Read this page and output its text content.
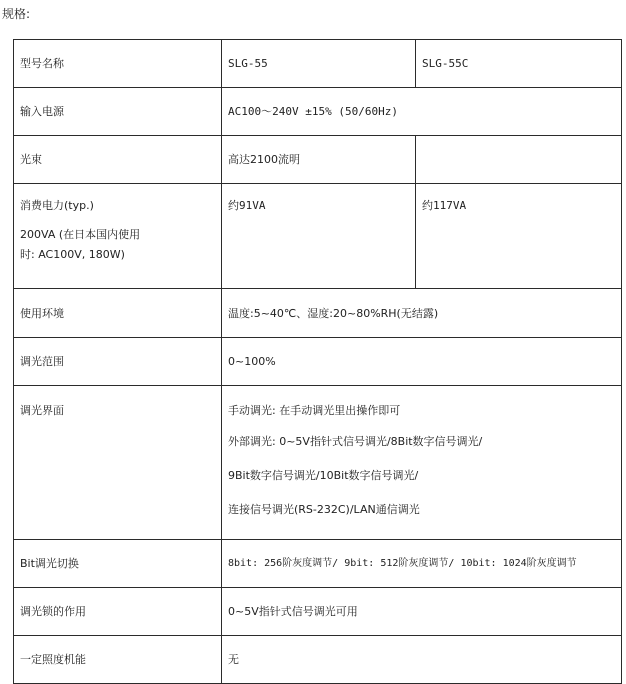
规格:
型号名称	SLG-55	SLG-55C
输入电源	AC100～240V ±15% (50/60Hz)	
光束	高达2100流明	

消费电力(typ.)
200VA (在日本国内使用
时: AC100V, 180W)	约91VA	约117VA
使用环境	温度:5~40℃、湿度:20~80%RH(无结露)	
调光范围	0~100%	
调光界面	手动调光: 在手动调光里出操作即可
外部调光: 0~5V指针式信号调光/8Bit数字信号调光/
9Bit数字信号调光/10Bit数字信号调光/
连接信号调光(RS-232C)/LAN通信调光	

Bit调光切换	8bit: 256阶灰度调节/ 9bit: 512阶灰度调节/ 10bit: 1024阶灰度调节	
调光锁的作用	0~5V指针式信号调光可用	
一定照度机能	无	
